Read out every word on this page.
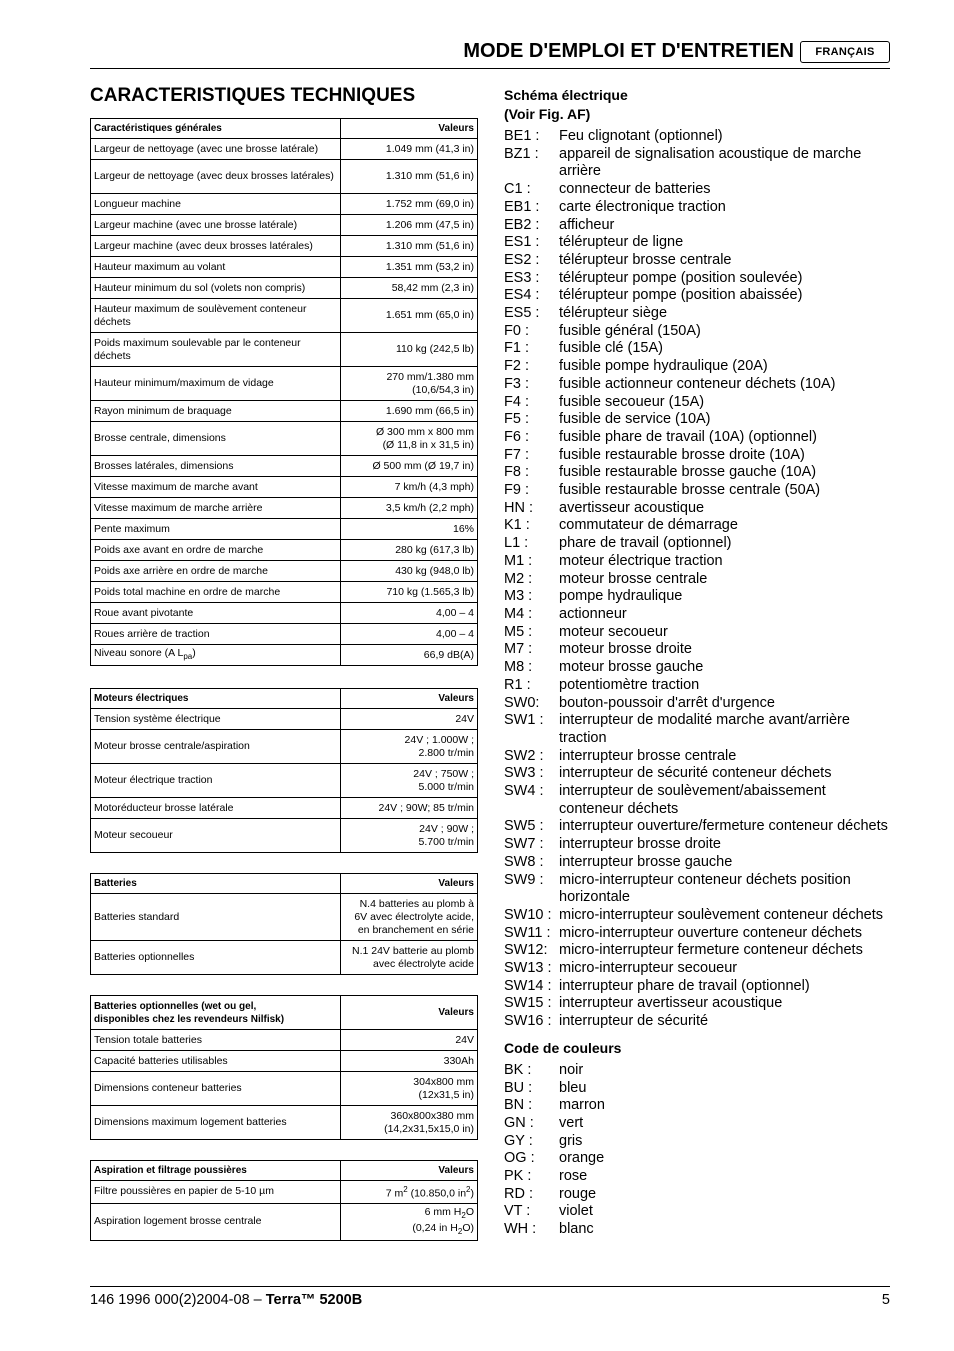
MODE D'EMPLOI ET D'ENTRETIEN	FRANÇAIS
CARACTERISTIQUES TECHNIQUES
Caractéristiques générales	Valeurs
Largeur de nettoyage (avec une brosse latérale)	1.049 mm (41,3 in)
Largeur de nettoyage (avec deux brosses latérales)	1.310 mm (51,6 in)
Longueur machine	1.752 mm (69,0 in)
Largeur machine (avec une brosse latérale)	1.206 mm (47,5 in)
Largeur machine (avec deux brosses latérales)	1.310 mm (51,6 in)
Hauteur maximum au volant	1.351 mm (53,2 in)
Hauteur minimum du sol (volets non compris)	58,42 mm (2,3 in)
Hauteur maximum de soulèvement conteneur déchets	1.651 mm (65,0 in)
Poids maximum soulevable par le conteneur déchets	110 kg (242,5 lb)
Hauteur minimum/maximum de vidage	270 mm/1.380 mm
(10,6/54,3 in)
Rayon minimum de braquage	1.690 mm (66,5 in)
Brosse centrale, dimensions	Ø 300 mm x 800 mm
(Ø 11,8 in x 31,5 in)
Brosses latérales, dimensions	Ø 500 mm (Ø 19,7 in)
Vitesse maximum de marche avant	7 km/h (4,3 mph)
Vitesse maximum de marche arrière	3,5 km/h (2,2 mph)
Pente maximum	16%
Poids axe avant en ordre de marche	280 kg (617,3 lb)
Poids axe arrière en ordre de marche	430 kg (948,0 lb)
Poids total machine en ordre de marche	710 kg (1.565,3 lb)
Roue avant pivotante	4,00 – 4
Roues arrière de traction	4,00 – 4
Niveau sonore (A $L_{pa}$)	66,9 dB(A)
Moteurs électriques	Valeurs
Tension système électrique	24V
Moteur brosse centrale/aspiration	24V ; 1.000W ;
2.800 tr/min
Moteur électrique traction	24V ; 750W ;
5.000 tr/min
Motoréducteur brosse latérale	24V ; 90W; 85 tr/min
Moteur secoueur	24V ; 90W ;
5.700 tr/min
Batteries	Valeurs
Batteries standard	N.4 batteries au plomb à
6V avec électrolyte acide,
en branchement en série
Batteries optionnelles	N.1 24V batterie au plomb
avec électrolyte acide
Batteries optionnelles (wet ou gel,
disponibles chez les revendeurs Nilfisk)	Valeurs
Tension totale batteries	24V
Capacité batteries utilisables	330Ah
Dimensions conteneur batteries	304x800 mm
(12x31,5 in)
Dimensions maximum logement batteries	360x800x380 mm
(14,2x31,5x15,0 in)
Aspiration et filtrage poussières	Valeurs
Filtre poussières en papier de 5-10 µm	7 $m^2$ (10.850,0 $in^2$)
Aspiration logement brosse centrale	6 mm $H_2O$
(0,24 in $H_2O$)
Schéma électrique
(Voir Fig. AF)
BE1 :	Feu clignotant (optionnel)
BZ1 :	appareil de signalisation acoustique de marche arrière
C1 :	connecteur de batteries
EB1 :	carte électronique traction
EB2 :	afficheur
ES1 :	télérupteur de ligne
ES2 :	télérupteur brosse centrale
ES3 :	télérupteur pompe (position soulevée)
ES4 :	télérupteur pompe (position abaissée)
ES5 :	télérupteur siège
F0 :	fusible général (150A)
F1 :	fusible clé (15A)
F2 :	fusible pompe hydraulique (20A)
F3 :	fusible actionneur conteneur déchets (10A)
F4 :	fusible secoueur (15A)
F5 :	fusible de service (10A)
F6 :	fusible phare de travail (10A) (optionnel)
F7 :	fusible restaurable brosse droite (10A)
F8 :	fusible restaurable brosse gauche (10A)
F9 :	fusible restaurable brosse centrale (50A)
HN :	avertisseur acoustique
K1 :	commutateur de démarrage
L1 :	phare de travail (optionnel)
M1 :	moteur électrique traction
M2 :	moteur brosse centrale
M3 :	pompe hydraulique
M4 :	actionneur
M5 :	moteur secoueur
M7 :	moteur brosse droite
M8 :	moteur brosse gauche
R1 :	potentiomètre traction
SW0:	bouton-poussoir d'arrêt d'urgence
SW1 :	interrupteur de modalité marche avant/arrière traction
SW2 :	interrupteur brosse centrale
SW3 :	interrupteur de sécurité conteneur déchets
SW4 :	interrupteur de soulèvement/abaissement conteneur déchets
SW5 :	interrupteur ouverture/fermeture conteneur déchets
SW7 :	interrupteur brosse droite
SW8 :	interrupteur brosse gauche
SW9 :	micro-interrupteur conteneur déchets position horizontale
SW10 : micro-interrupteur soulèvement conteneur déchets
SW11 : micro-interrupteur ouverture conteneur déchets
SW12: micro-interrupteur fermeture conteneur déchets
SW13 : micro-interrupteur secoueur
SW14 : interrupteur phare de travail (optionnel)
SW15 : interrupteur avertisseur acoustique
SW16 : interrupteur de sécurité
Code de couleurs
BK :	noir
BU :	bleu
BN :	marron
GN :	vert
GY :	gris
OG :	orange
PK :	rose
RD :	rouge
VT :	violet
WH :	blanc
146 1996 000(2)2004-08 – Terra™ 5200B	5
